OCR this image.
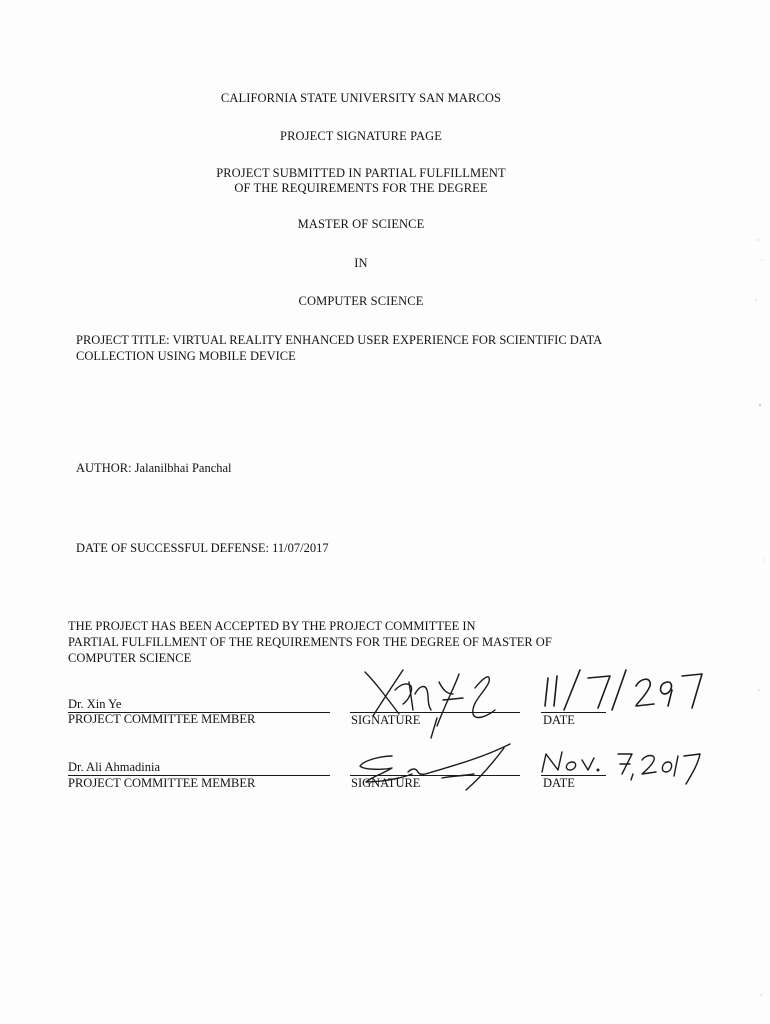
CALIFORNIA STATE UNIVERSITY SAN MARCOS
PROJECT SIGNATURE PAGE
PROJECT SUBMITTED IN PARTIAL FULFILLMENT
OF THE REQUIREMENTS FOR THE DEGREE
MASTER OF SCIENCE
IN
COMPUTER SCIENCE
PROJECT TITLE: VIRTUAL REALITY ENHANCED USER EXPERIENCE FOR SCIENTIFIC DATA
COLLECTION USING MOBILE DEVICE
AUTHOR: Jalanilbhai Panchal
DATE OF SUCCESSFUL DEFENSE: 11/07/2017
THE PROJECT HAS BEEN ACCEPTED BY THE PROJECT COMMITTEE IN
PARTIAL FULFILLMENT OF THE REQUIREMENTS FOR THE DEGREE OF MASTER OF
COMPUTER SCIENCE
Dr. Xin Ye
PROJECT COMMITTEE MEMBER	SIGNATURE	DATE
Dr. Ali Ahmadinia
PROJECT COMMITTEE MEMBER	SIGNATURE	DATE
